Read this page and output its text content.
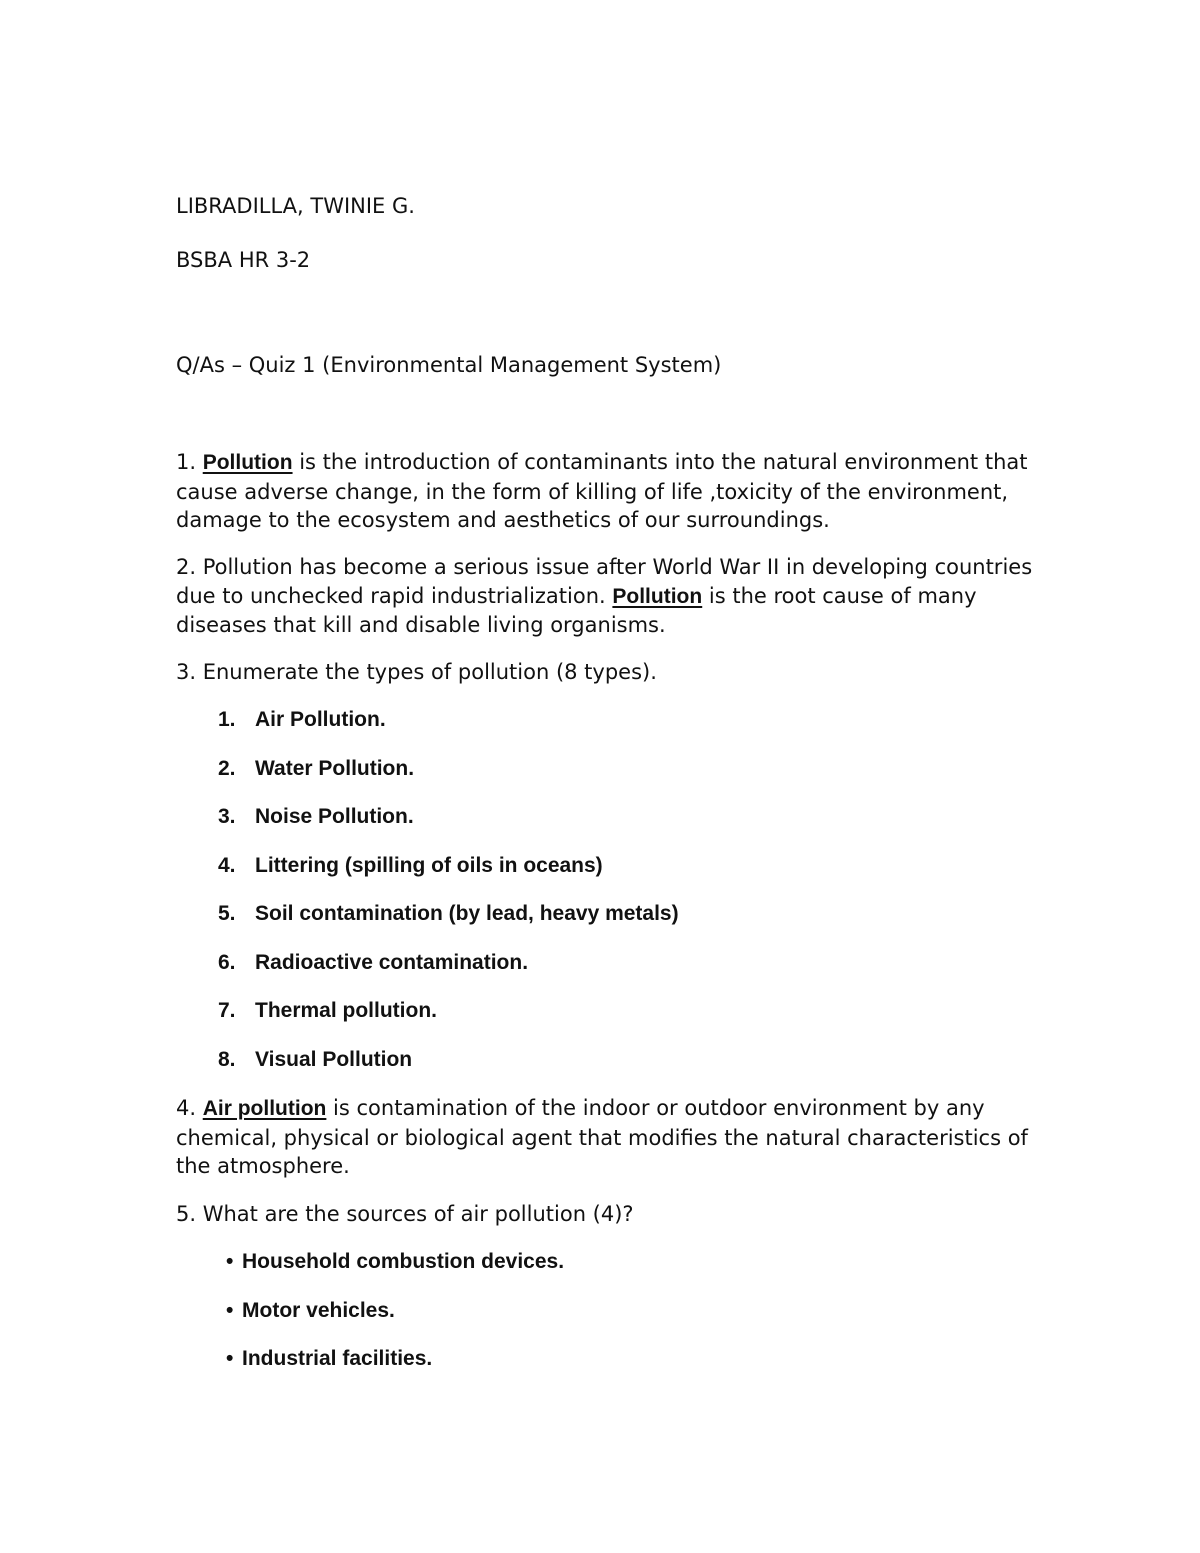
LIBRADILLA, TWINIE G.
BSBA HR 3-2
Q/As – Quiz 1 (Environmental Management System)

1. Pollution is the introduction of contaminants into the natural environment that cause adverse change, in the form of killing of life ,toxicity of the environment, damage to the ecosystem and aesthetics of our surroundings.

2. Pollution has become a serious issue after World War II in developing countries due to unchecked rapid industrialization. Pollution is the root cause of many diseases that kill and disable living organisms.

3. Enumerate the types of pollution (8 types).
1. Air Pollution.
2. Water Pollution.
3. Noise Pollution.
4. Littering (spilling of oils in oceans)
5. Soil contamination (by lead, heavy metals)
6. Radioactive contamination.
7. Thermal pollution.
8. Visual Pollution

4. Air pollution is contamination of the indoor or outdoor environment by any chemical, physical or biological agent that modifies the natural characteristics of the atmosphere.

5. What are the sources of air pollution (4)?
• Household combustion devices.
• Motor vehicles.
• Industrial facilities.
